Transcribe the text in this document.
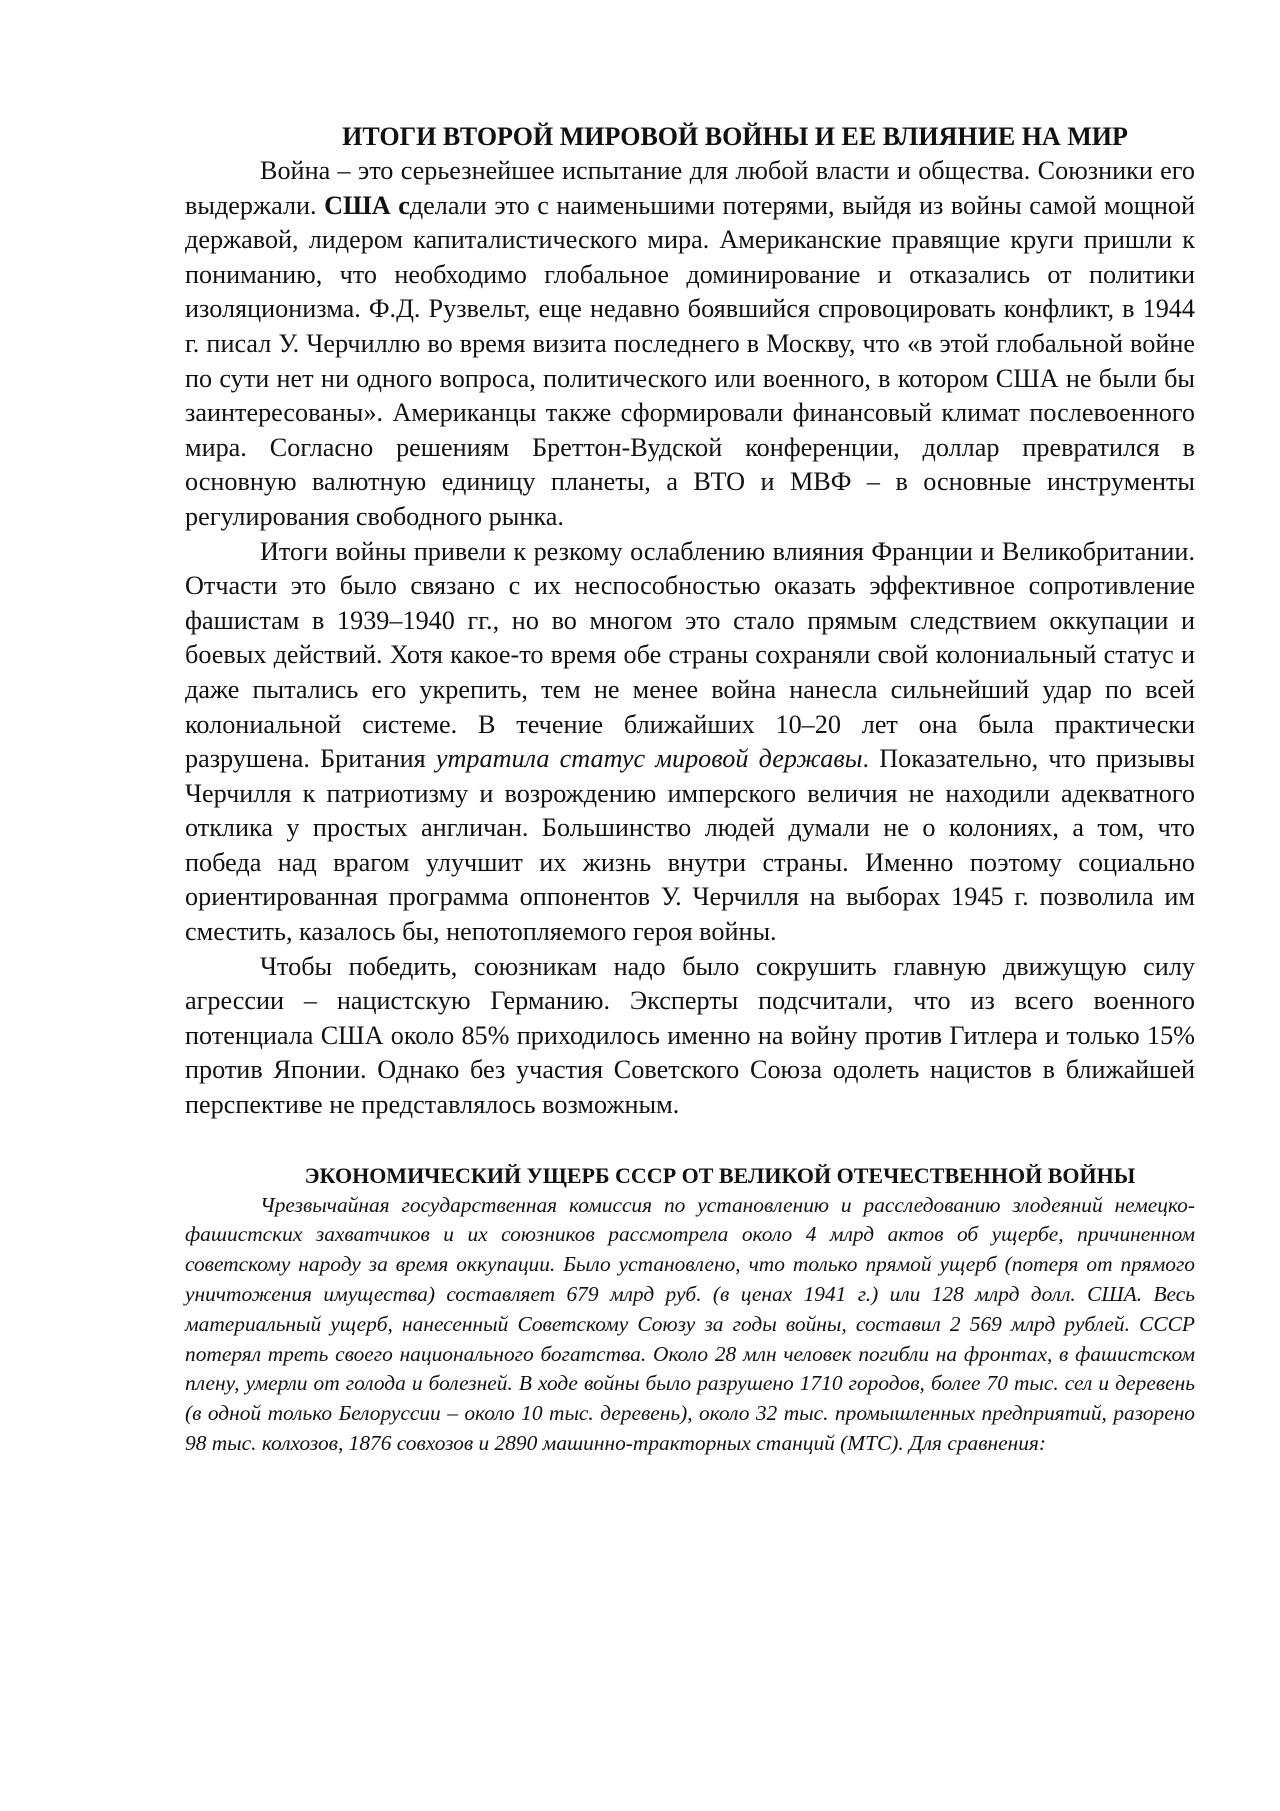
ИТОГИ ВТОРОЙ МИРОВОЙ ВОЙНЫ И ЕЕ ВЛИЯНИЕ НА МИР

Война – это серьезнейшее испытание для любой власти и общества. Союзники его выдержали. США сделали это с наименьшими потерями, выйдя из войны самой мощной державой, лидером капиталистического мира. Американские правящие круги пришли к пониманию, что необходимо глобальное доминирование и отказались от политики изоляционизма. Ф.Д. Рузвельт, еще недавно боявшийся спровоцировать конфликт, в 1944 г. писал У. Черчиллю во время визита последнего в Москву, что «в этой глобальной войне по сути нет ни одного вопроса, политического или военного, в котором США не были бы заинтересованы». Американцы также сформировали финансовый климат послевоенного мира. Согласно решениям Бреттон-Вудской конференции, доллар превратился в основную валютную единицу планеты, а ВТО и МВФ – в основные инструменты регулирования свободного рынка.

Итоги войны привели к резкому ослаблению влияния Франции и Великобритании. Отчасти это было связано с их неспособностью оказать эффективное сопротивление фашистам в 1939–1940 гг., но во многом это стало прямым следствием оккупации и боевых действий. Хотя какое-то время обе страны сохраняли свой колониальный статус и даже пытались его укрепить, тем не менее война нанесла сильнейший удар по всей колониальной системе. В течение ближайших 10–20 лет она была практически разрушена. Британия утратила статус мировой державы. Показательно, что призывы Черчилля к патриотизму и возрождению имперского величия не находили адекватного отклика у простых англичан. Большинство людей думали не о колониях, а том, что победа над врагом улучшит их жизнь внутри страны. Именно поэтому социально ориентированная программа оппонентов У. Черчилля на выборах 1945 г. позволила им сместить, казалось бы, непотопляемого героя войны.

Чтобы победить, союзникам надо было сокрушить главную движущую силу агрессии – нацистскую Германию. Эксперты подсчитали, что из всего военного потенциала США около 85% приходилось именно на войну против Гитлера и только 15% против Японии. Однако без участия Советского Союза одолеть нацистов в ближайшей перспективе не представлялось возможным.

ЭКОНОМИЧЕСКИЙ УЩЕРБ СССР ОТ ВЕЛИКОЙ ОТЕЧЕСТВЕННОЙ ВОЙНЫ

Чрезвычайная государственная комиссия по установлению и расследованию злодеяний немецко-фашистских захватчиков и их союзников рассмотрела около 4 млрд актов об ущербе, причиненном советскому народу за время оккупации. Было установлено, что только прямой ущерб (потеря от прямого уничтожения имущества) составляет 679 млрд руб. (в ценах 1941 г.) или 128 млрд долл. США. Весь материальный ущерб, нанесенный Советскому Союзу за годы войны, составил 2 569 млрд рублей. СССР потерял треть своего национального богатства. Около 28 млн человек погибли на фронтах, в фашистском плену, умерли от голода и болезней. В ходе войны было разрушено 1710 городов, более 70 тыс. сел и деревень (в одной только Белоруссии – около 10 тыс. деревень), около 32 тыс. промышленных предприятий, разорено 98 тыс. колхозов, 1876 совхозов и 2890 машинно-тракторных станций (МТС). Для сравнения:
